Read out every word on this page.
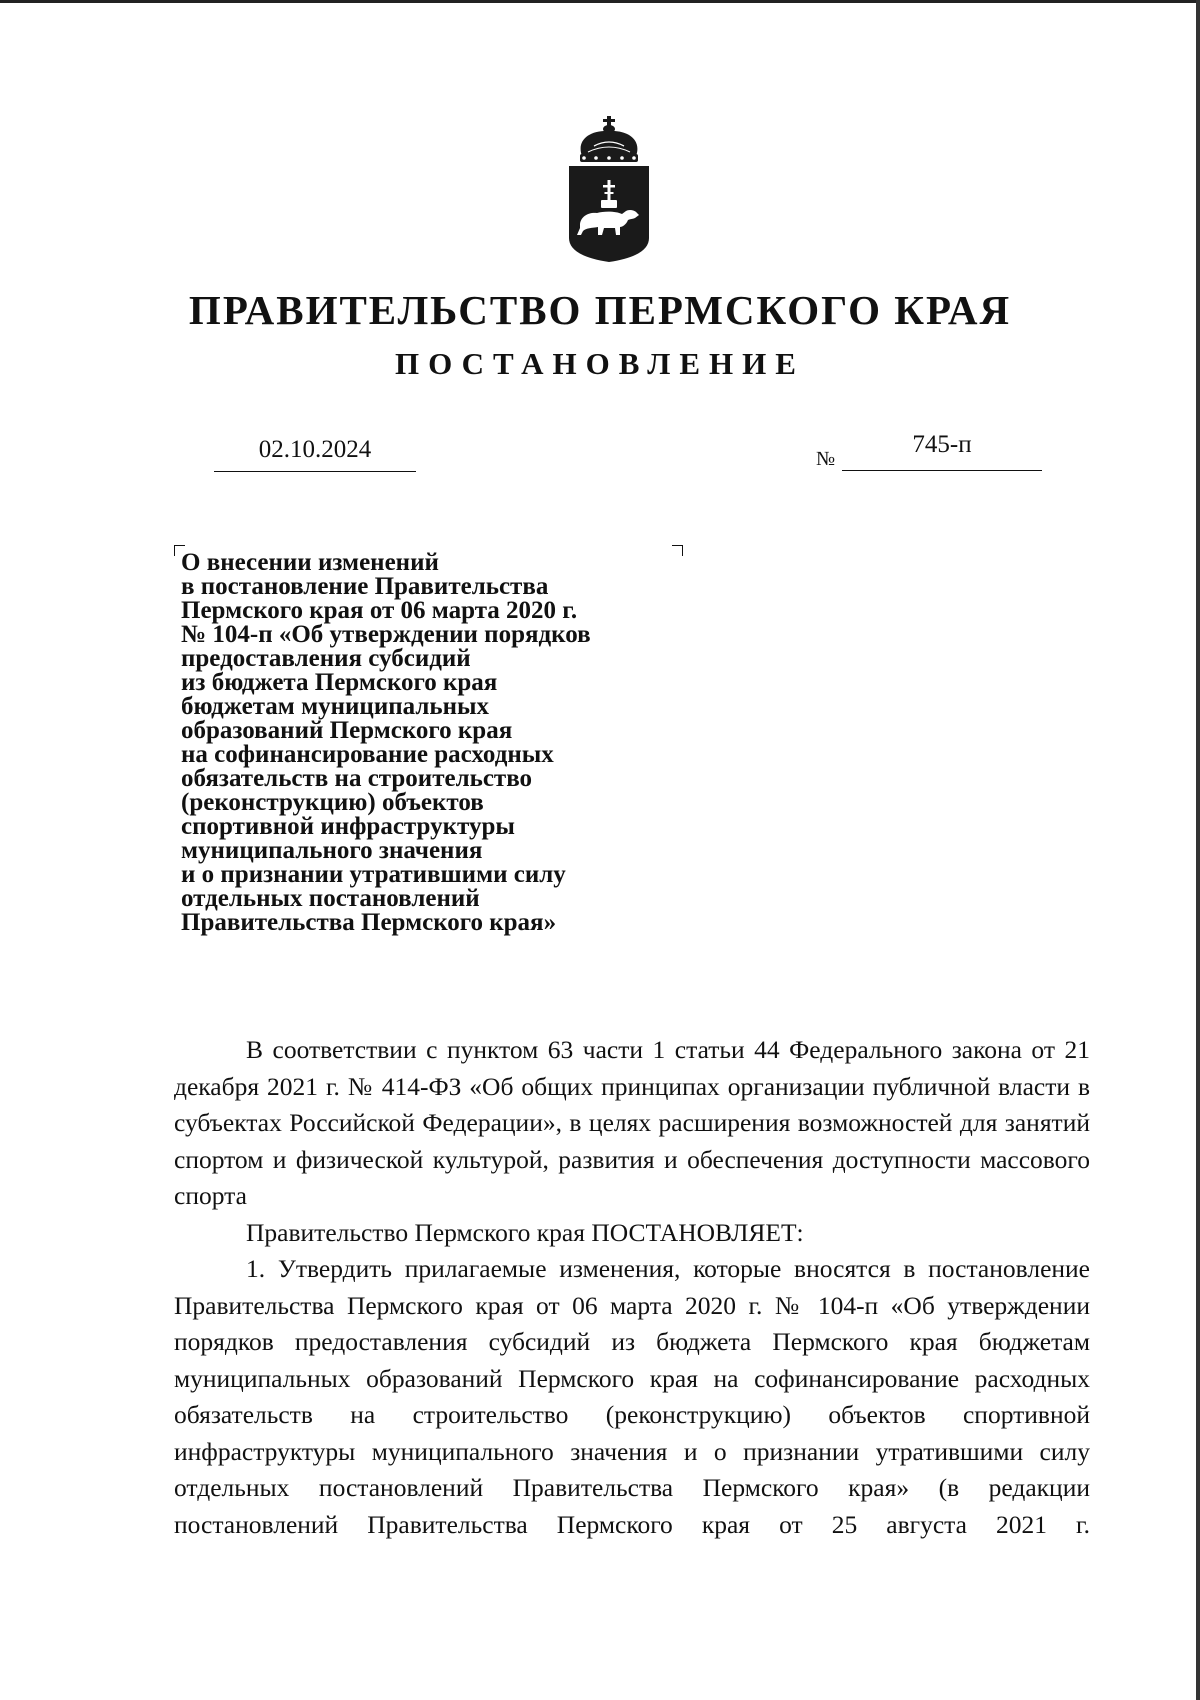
ПРАВИТЕЛЬСТВО ПЕРМСКОГО КРАЯ
ПОСТАНОВЛЕНИЕ
02.10.2024	№
745-п
О внесении изменений
в постановление Правительства
Пермского края от 06 марта 2020 г.
№ 104-п «Об утверждении порядков
предоставления субсидий
из бюджета Пермского края
бюджетам муниципальных
образований Пермского края
на софинансирование расходных
обязательств на строительство
(реконструкцию) объектов
спортивной инфраструктуры
муниципального значения
и о признании утратившими силу
отдельных постановлений
Правительства Пермского края»

В соответствии с пунктом 63 части 1 статьи 44 Федерального закона от 21 декабря 2021 г. № 414-ФЗ «Об общих принципах организации публичной власти в субъектах Российской Федерации», в целях расширения возможностей для занятий спортом и физической культурой, развития и обеспечения доступности массового спорта

Правительство Пермского края ПОСТАНОВЛЯЕТ:

1. Утвердить прилагаемые изменения, которые вносятся в постановление Правительства Пермского края от 06 марта 2020 г. № 104-п «Об утверждении порядков предоставления субсидий из бюджета Пермского края бюджетам муниципальных образований Пермского края на софинансирование расходных обязательств на строительство (реконструкцию) объектов спортивной инфраструктуры муниципального значения и о признании утратившими силу отдельных постановлений Правительства Пермского края» (в редакции постановлений Правительства Пермского края от 25 августа 2021 г.
